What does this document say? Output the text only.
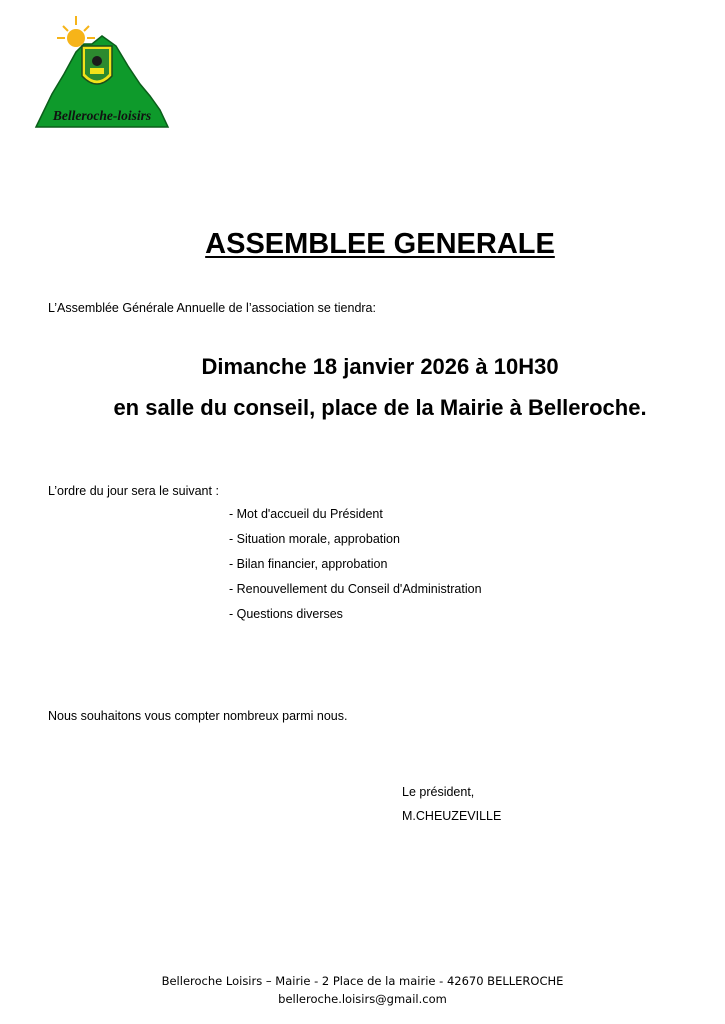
Belleroche-loisirs
ASSEMBLEE GENERALE
L’Assemblée Générale Annuelle de l’association se tiendra:
Dimanche 18 janvier 2026 à 10H30
en salle du conseil, place de la Mairie à Belleroche.
L’ordre du jour sera le suivant :
- Mot d'accueil du Président
- Situation morale, approbation
- Bilan financier, approbation
- Renouvellement du Conseil d'Administration
- Questions diverses
Nous souhaitons vous compter nombreux parmi nous.
Le président,
M.CHEUZEVILLE
Belleroche Loisirs – Mairie - 2 Place de la mairie - 42670 BELLEROCHE
belleroche.loisirs@gmail.com
